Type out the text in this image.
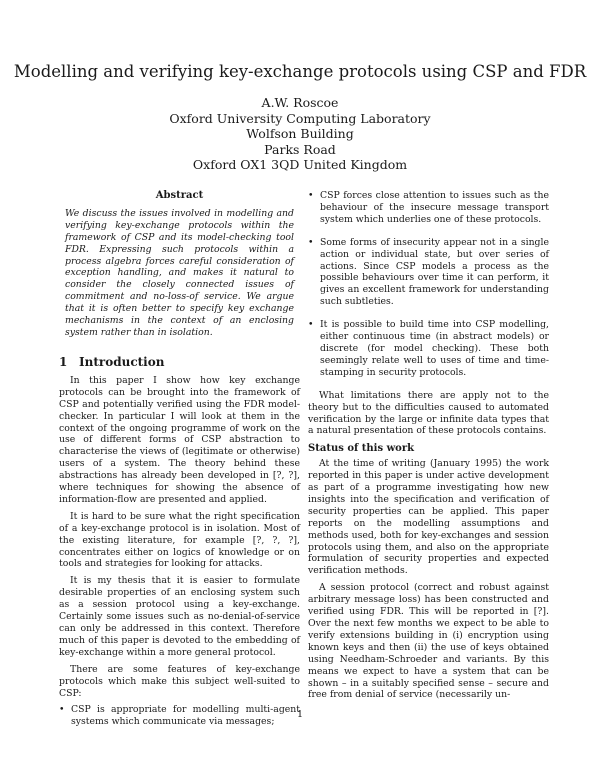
Modelling and verifying key-exchange protocols using CSP and FDR
A.W. Roscoe
Oxford University Computing Laboratory
Wolfson Building
Parks Road
Oxford OX1 3QD United Kingdom
Abstract
We discuss the issues involved in modelling and verifying key-exchange protocols within the framework of CSP and its model-checking tool FDR. Expressing such protocols within a process algebra forces careful consideration of exception handling, and makes it natural to consider the closely connected issues of commitment and no-loss-of service. We argue that it is often better to specify key exchange mechanisms in the context of an enclosing system rather than in isolation.
1 Introduction

In this paper I show how key exchange protocols can be brought into the framework of CSP and potentially verified using the FDR model-checker. In particular I will look at them in the context of the ongoing programme of work on the use of different forms of CSP abstraction to characterise the views of (legitimate or otherwise) users of a system. The theory behind these abstractions has already been developed in [?, ?], where techniques for showing the absence of information-flow are presented and applied.

It is hard to be sure what the right specification of a key-exchange protocol is in isolation. Most of the existing literature, for example [?, ?, ?], concentrates either on logics of knowledge or on tools and strategies for looking for attacks.

It is my thesis that it is easier to formulate desirable properties of an enclosing system such as a session protocol using a key-exchange. Certainly some issues such as no-denial-of-service can only be addressed in this context. Therefore much of this paper is devoted to the embedding of key-exchange within a more general protocol.

There are some features of key-exchange protocols which make this subject well-suited to CSP:

• CSP is appropriate for modelling multi-agent systems which communicate via messages;
• CSP forces close attention to issues such as the behaviour of the insecure message transport system which underlies one of these protocols.
• Some forms of insecurity appear not in a single action or individual state, but over series of actions. Since CSP models a process as the possible behaviours over time it can perform, it gives an excellent framework for understanding such subtleties.
• It is possible to build time into CSP modelling, either continuous time (in abstract models) or discrete (for model checking). These both seemingly relate well to uses of time and time-stamping in security protocols.

What limitations there are apply not to the theory but to the difficulties caused to automated verification by the large or infinite data types that a natural presentation of these protocols contains.

Status of this work

At the time of writing (January 1995) the work reported in this paper is under active development as part of a programme investigating how new insights into the specification and verification of security properties can be applied. This paper reports on the modelling assumptions and methods used, both for key-exchanges and session protocols using them, and also on the appropriate formulation of security properties and expected verification methods.

A session protocol (correct and robust against arbitrary message loss) has been constructed and verified using FDR. This will be reported in [?]. Over the next few months we expect to be able to verify extensions building in (i) encryption using known keys and then (ii) the use of keys obtained using Needham-Schroeder and variants. By this means we expect to have a system that can be shown – in a suitably specified sense – secure and free from denial of service (necessarily un-

1
